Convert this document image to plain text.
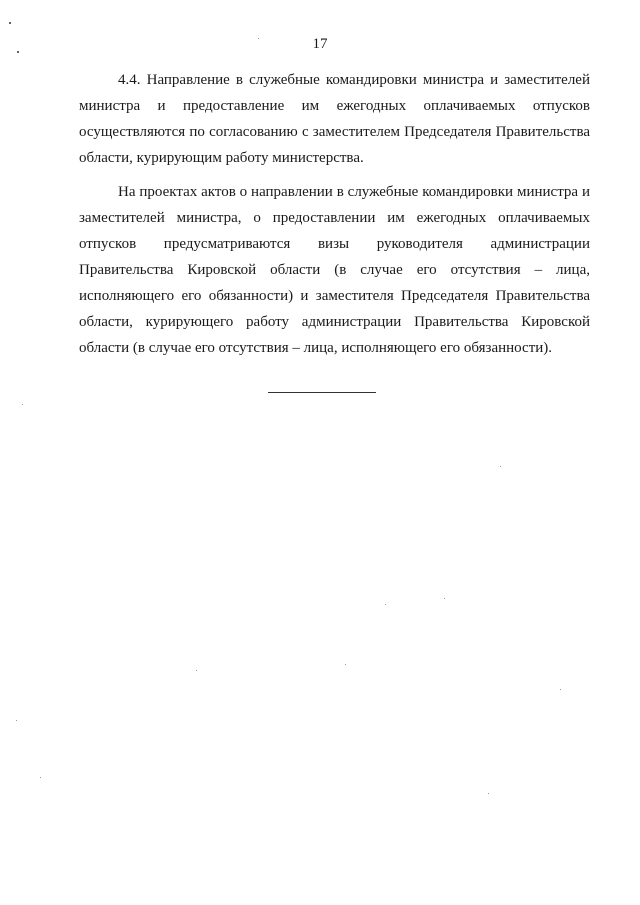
17
4.4. Направление в служебные командировки министра и заместителей
министра и предоставление им ежегодных оплачиваемых отпусков
осуществляются по согласованию с заместителем Председателя Правительства
области, курирующим работу министерства.
На проектах актов о направлении в служебные командировки министра и
заместителей министра, о предоставлении им ежегодных оплачиваемых
отпусков предусматриваются визы руководителя администрации
Правительства Кировской области (в случае его отсутствия – лица,
исполняющего его обязанности) и заместителя Председателя Правительства
области, курирующего работу администрации Правительства Кировской
области (в случае его отсутствия – лица, исполняющего его обязанности).
